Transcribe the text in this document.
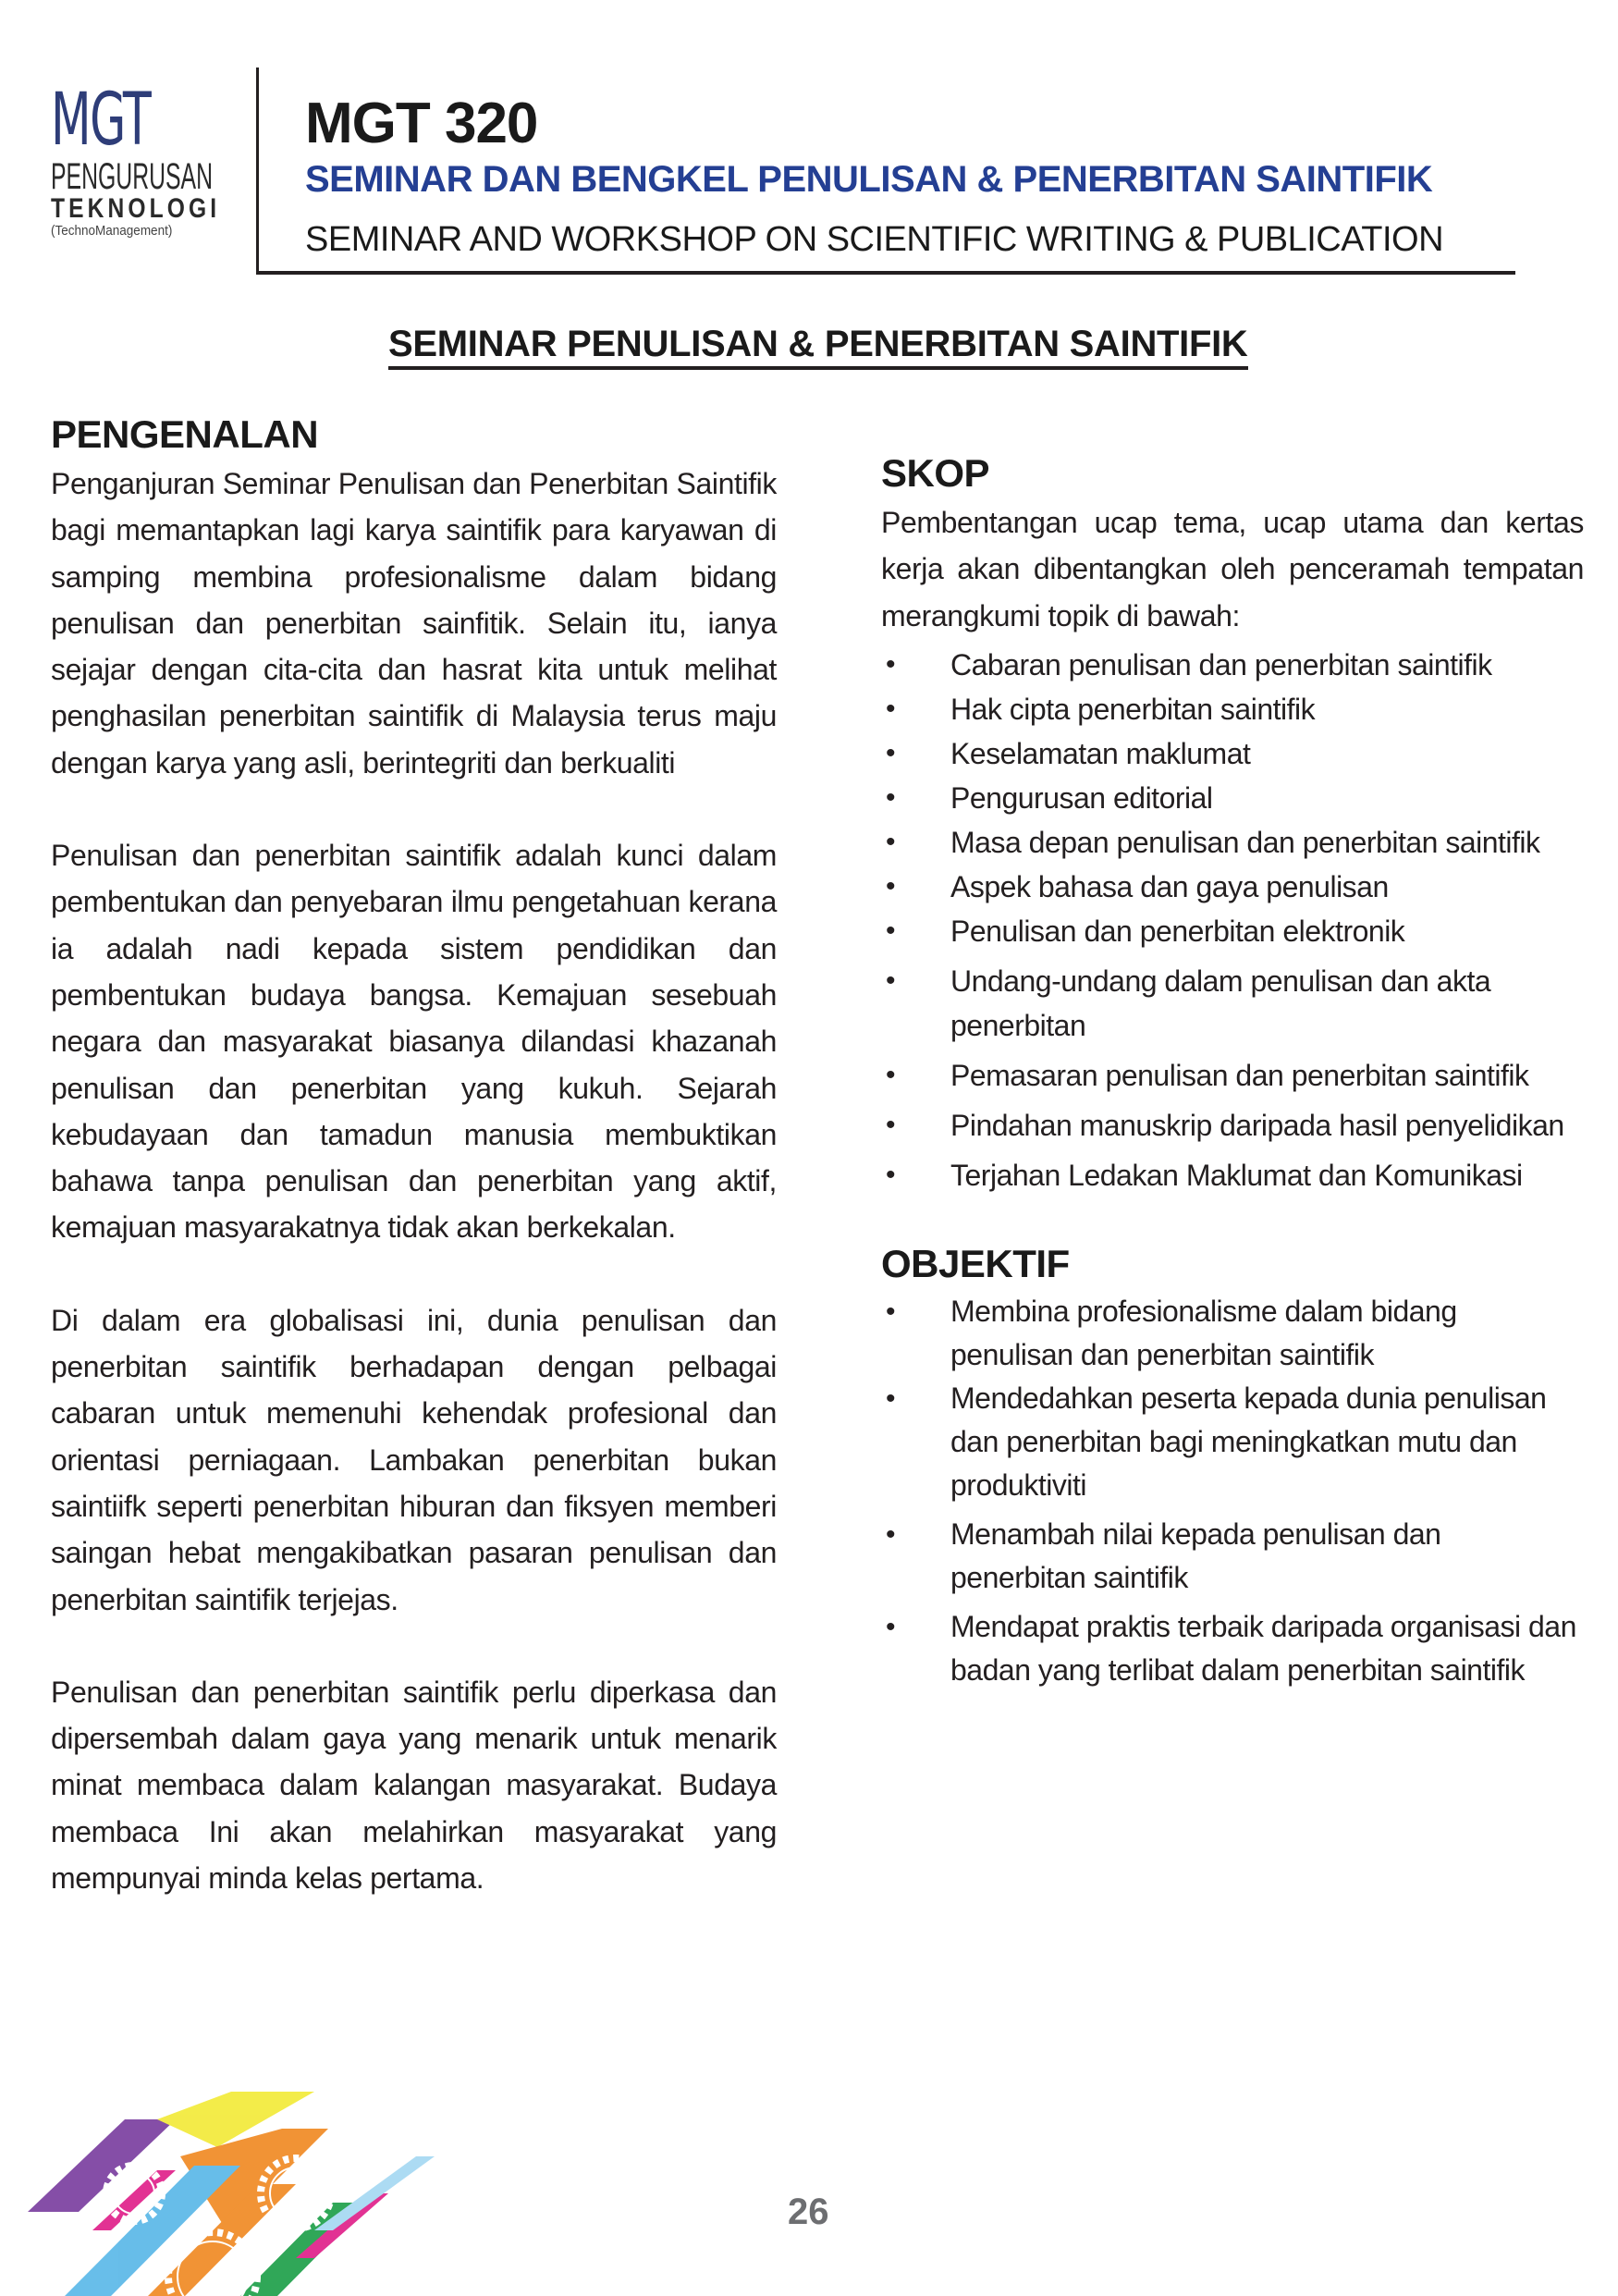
MGT
PENGURUSAN
TEKNOLOGI
(TechnoManagement)
MGT 320
SEMINAR DAN BENGKEL PENULISAN & PENERBITAN SAINTIFIK
SEMINAR AND WORKSHOP ON SCIENTIFIC WRITING & PUBLICATION
SEMINAR PENULISAN & PENERBITAN SAINTIFIK
PENGENALAN

Penganjuran Seminar Penulisan dan Penerbitan Saintifik bagi memantapkan lagi karya saintifik para karyawan di samping membina profesionalisme dalam bidang penulisan dan penerbitan sainfitik. Selain itu, ianya sejajar dengan cita-cita dan hasrat kita untuk melihat penghasilan penerbitan saintifik di Malaysia terus maju dengan karya yang asli, berintegriti dan berkualiti

Penulisan dan penerbitan saintifik adalah kunci dalam pembentukan dan penyebaran ilmu pengetahuan kerana ia adalah nadi kepada sistem pendidikan dan pembentukan budaya bangsa. Kemajuan sesebuah negara dan masyarakat biasanya dilandasi khazanah penulisan dan penerbitan yang kukuh. Sejarah kebudayaan dan tamadun manusia membuktikan bahawa tanpa penulisan dan penerbitan yang aktif, kemajuan masyarakatnya tidak akan berkekalan.

Di dalam era globalisasi ini, dunia penulisan dan penerbitan saintifik berhadapan dengan pelbagai cabaran untuk memenuhi kehendak profesional dan orientasi perniagaan. Lambakan penerbitan bukan saintiifk seperti penerbitan hiburan dan fiksyen memberi saingan hebat mengakibatkan pasaran penulisan dan penerbitan saintifik terjejas.

Penulisan dan penerbitan saintifik perlu diperkasa dan dipersembah dalam gaya yang menarik untuk menarik minat membaca dalam kalangan masyarakat. Budaya membaca Ini akan melahirkan masyarakat yang mempunyai minda kelas pertama.

SKOP

Pembentangan ucap tema, ucap utama dan kertas kerja akan dibentangkan oleh penceramah tempatan merangkumi topik di bawah:

• Cabaran penulisan dan penerbitan saintifik
• Hak cipta penerbitan saintifik
• Keselamatan maklumat
• Pengurusan editorial
• Masa depan penulisan dan penerbitan saintifik
• Aspek bahasa dan gaya penulisan
• Penulisan dan penerbitan elektronik
• Undang-undang dalam penulisan dan akta penerbitan
• Pemasaran penulisan dan penerbitan saintifik
• Pindahan manuskrip daripada hasil penyelidikan
• Terjahan Ledakan Maklumat dan Komunikasi
OBJEKTIF
• Membina profesionalisme dalam bidang penulisan dan penerbitan saintifik
• Mendedahkan peserta kepada dunia penulisan dan penerbitan bagi meningkatkan mutu dan produktiviti
• Menambah nilai kepada penulisan dan penerbitan saintifik
• Mendapat praktis terbaik daripada organisasi dan badan yang terlibat dalam penerbitan saintifik
26
